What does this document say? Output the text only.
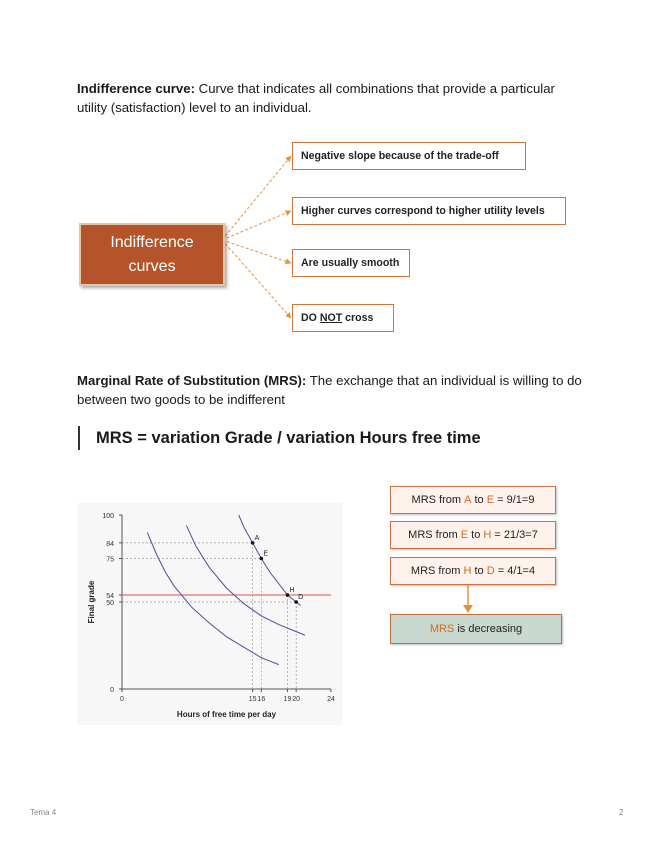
Indifference curve: Curve that indicates all combinations that provide a particular utility (satisfaction) level to an individual.
Indifference curves
Negative slope because of the trade-off
Higher curves correspond to higher utility levels
Are usually smooth
DO NOT cross
Marginal Rate of Substitution (MRS): The exchange that an individual is willing to do between two goods to be indifferent
MRS = variation Grade / variation Hours free time
0
50
54
75
84
100
0	15 16	19 20	24
A
E
H
D
Hours of free time per day
Final grade
MRS from A to E = 9/1=9
MRS from E to H = 21/3=7
MRS from H to D = 4/1=4
MRS is decreasing
Tema 4	2
